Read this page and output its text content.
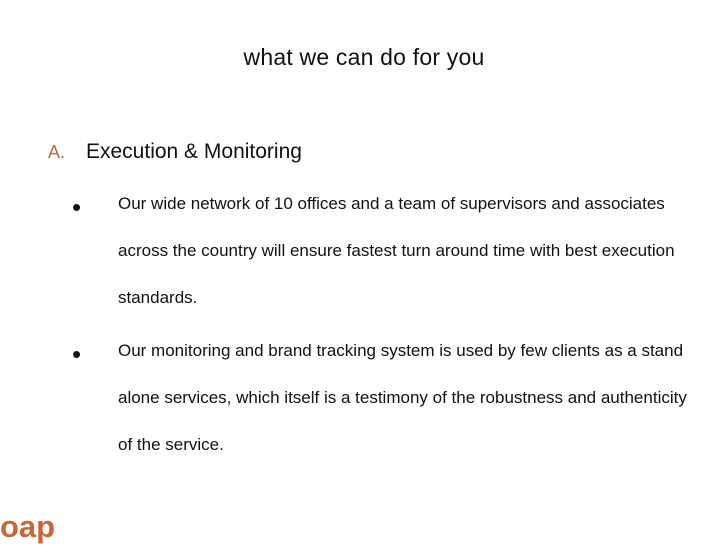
what we can do for you
A. Execution & Monitoring
•	Our wide network of 10 offices and a team of supervisors and associates across the country will ensure fastest turn around time with best execution standards.
•	Our monitoring and brand tracking system is used by few clients as a stand alone services, which itself is a testimony of the robustness and authenticity of the service.
oap
